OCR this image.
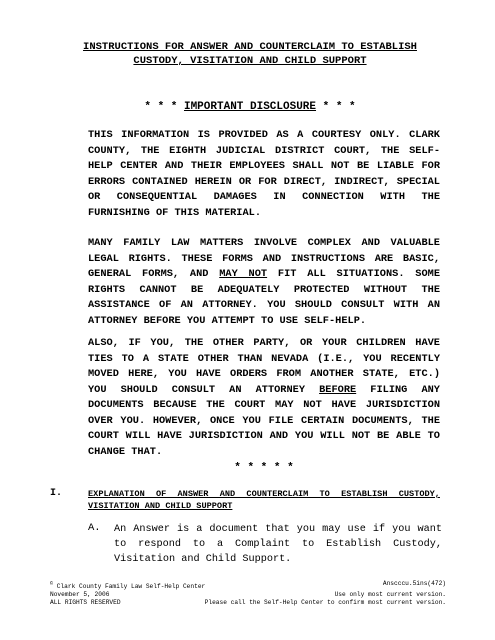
INSTRUCTIONS FOR ANSWER AND COUNTERCLAIM TO ESTABLISH
CUSTODY, VISITATION AND CHILD SUPPORT
* * * IMPORTANT DISCLOSURE * * *

THIS INFORMATION IS PROVIDED AS A COURTESY ONLY. CLARK COUNTY, THE EIGHTH JUDICIAL DISTRICT COURT, THE SELF-HELP CENTER AND THEIR EMPLOYEES SHALL NOT BE LIABLE FOR ERRORS CONTAINED HEREIN OR FOR DIRECT, INDIRECT, SPECIAL OR CONSEQUENTIAL DAMAGES IN CONNECTION WITH THE FURNISHING OF THIS MATERIAL.

MANY FAMILY LAW MATTERS INVOLVE COMPLEX AND VALUABLE LEGAL RIGHTS. THESE FORMS AND INSTRUCTIONS ARE BASIC, GENERAL FORMS, AND MAY NOT FIT ALL SITUATIONS. SOME RIGHTS CANNOT BE ADEQUATELY PROTECTED WITHOUT THE ASSISTANCE OF AN ATTORNEY. YOU SHOULD CONSULT WITH AN ATTORNEY BEFORE YOU ATTEMPT TO USE SELF-HELP.

ALSO, IF YOU, THE OTHER PARTY, OR YOUR CHILDREN HAVE TIES TO A STATE OTHER THAN NEVADA (I.E., YOU RECENTLY MOVED HERE, YOU HAVE ORDERS FROM ANOTHER STATE, ETC.) YOU SHOULD CONSULT AN ATTORNEY BEFORE FILING ANY DOCUMENTS BECAUSE THE COURT MAY NOT HAVE JURISDICTION OVER YOU. HOWEVER, ONCE YOU FILE CERTAIN DOCUMENTS, THE COURT WILL HAVE JURISDICTION AND YOU WILL NOT BE ABLE TO CHANGE THAT.

* * * * *
I.	EXPLANATION OF ANSWER AND COUNTERCLAIM TO ESTABLISH CUSTODY, VISITATION AND CHILD SUPPORT
A. An Answer is a document that you may use if you want to respond to a Complaint to Establish Custody, Visitation and Child Support.
© Clark County Family Law Self-Help Center	Anscccu.5ins(472)
November 5, 2006	Use only most current version.
ALL RIGHTS RESERVED	Please call the Self-Help Center to confirm most current version.
